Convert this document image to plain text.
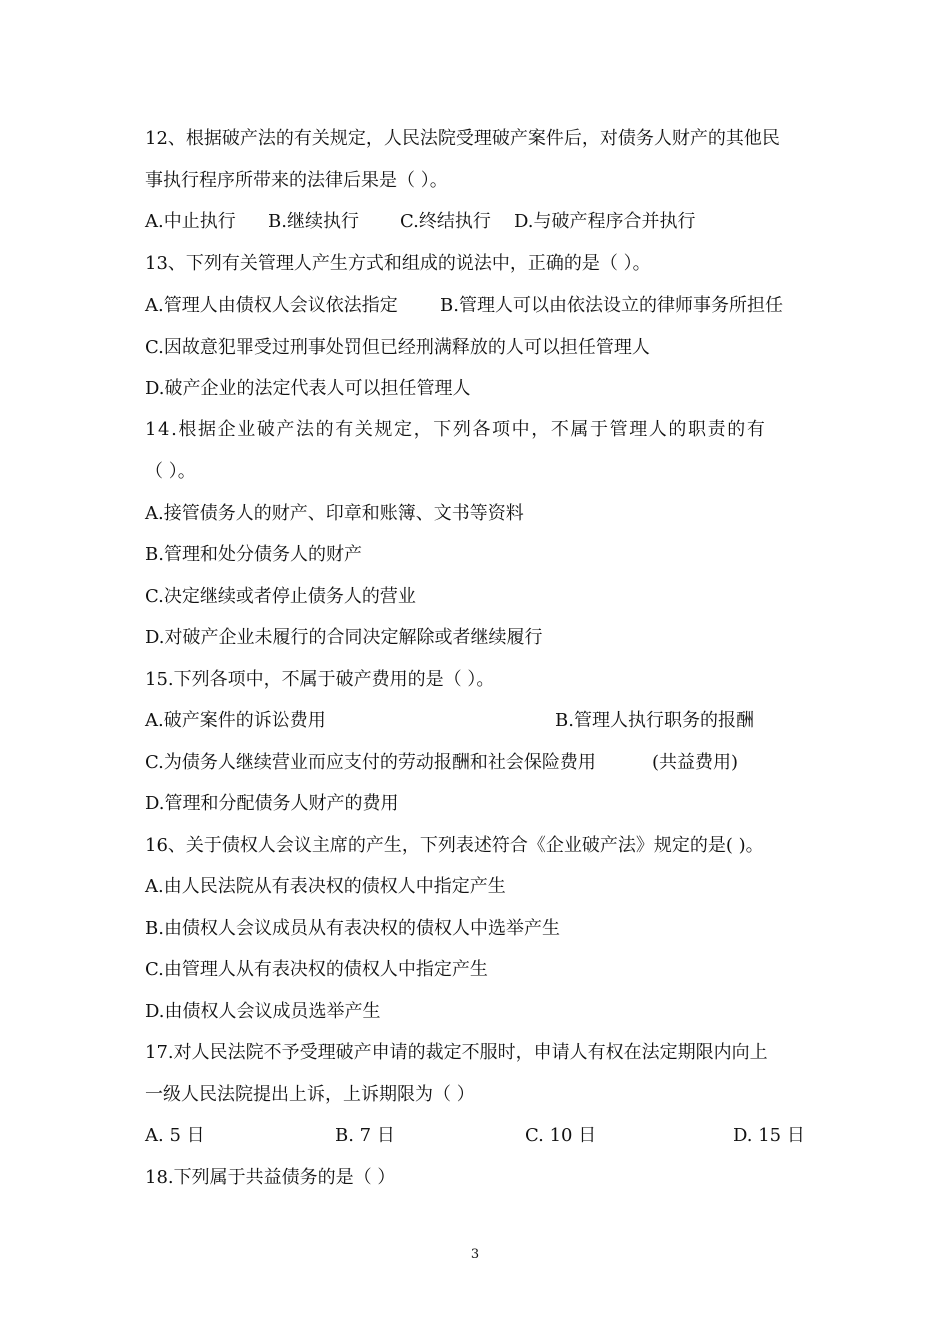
12、根据破产法的有关规定，人民法院受理破产案件后，对债务人财产的其他民
事执行程序所带来的法律后果是（ ）。
A.中止执行 B.继续执行 C.终结执行 D.与破产程序合并执行
13、下列有关管理人产生方式和组成的说法中，正确的是（ ）。
A.管理人由债权人会议依法指定 B.管理人可以由依法设立的律师事务所担任
C.因故意犯罪受过刑事处罚但已经刑满释放的人可以担任管理人
D.破产企业的法定代表人可以担任管理人
14.根据企业破产法的有关规定，下列各项中，不属于管理人的职责的有
（ ）。
A.接管债务人的财产、印章和账簿、文书等资料
B.管理和处分债务人的财产
C.决定继续或者停止债务人的营业
D.对破产企业未履行的合同决定解除或者继续履行
15.下列各项中，不属于破产费用的是（ ）。
A.破产案件的诉讼费用	B.管理人执行职务的报酬
C.为债务人继续营业而应支付的劳动报酬和社会保险费用	(共益费用)
D.管理和分配债务人财产的费用
16、关于债权人会议主席的产生，下列表述符合《企业破产法》规定的是( )。
A.由人民法院从有表决权的债权人中指定产生
B.由债权人会议成员从有表决权的债权人中选举产生
C.由管理人从有表决权的债权人中指定产生
D.由债权人会议成员选举产生
17.对人民法院不予受理破产申请的裁定不服时，申请人有权在法定期限内向上
一级人民法院提出上诉，上诉期限为（ ）
A. 5 日	B. 7 日	C. 10 日	D. 15 日
18.下列属于共益债务的是（ ）
3
